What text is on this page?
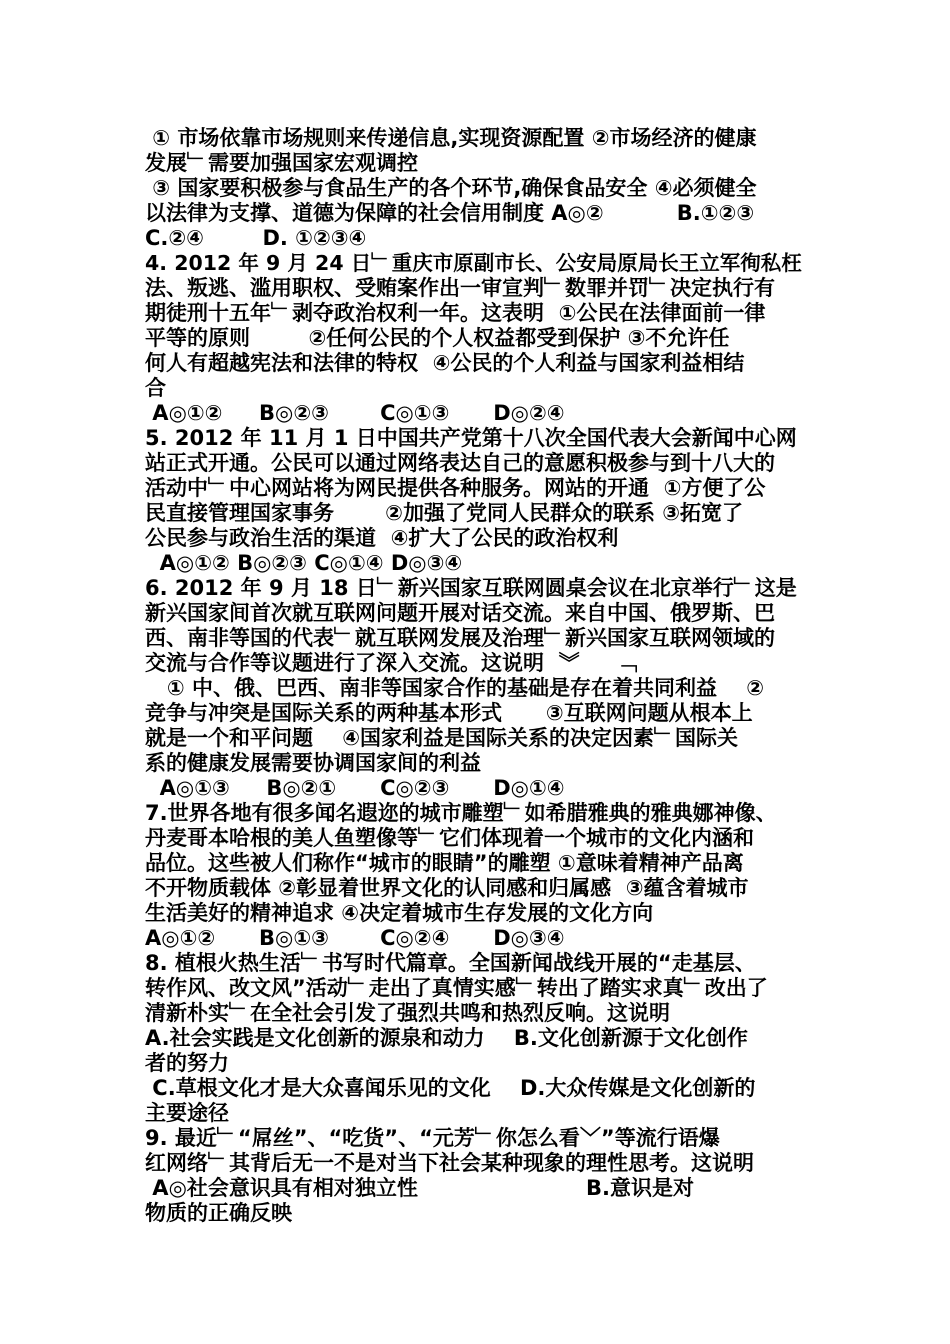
① 市场依靠市场规则来传递信息,实现资源配置 ②市场经济的健康
发展﹂需要加强国家宏观调控
③ 国家要积极参与食品生产的各个环节,确保食品安全 ④必须健全
以法律为支撑、道德为保障的社会信用制度 A◎②          B.①②③
C.②④        D. ①②③④
4. 2012 年 9 月 24 日﹂重庆市原副市长、公安局原局长王立军徇私枉
法、叛逃、滥用职权、受贿案作出一审宣判﹂数罪并罚﹂决定执行有
期徒刑十五年﹂剥夺政治权利一年。这表明  ①公民在法律面前一律
平等的原则        ②任何公民的个人权益都受到保护 ③不允许任
何人有超越宪法和法律的特权  ④公民的个人利益与国家利益相结
合
A◎①②     B◎②③       C◎①③      D◎②④
5. 2012 年 11 月 1 日中国共产党第十八次全国代表大会新闻中心网
站正式开通。公民可以通过网络表达自己的意愿积极参与到十八大的
活动中﹂中心网站将为网民提供各种服务。网站的开通  ①方便了公
民直接管理国家事务       ②加强了党同人民群众的联系 ③拓宽了
公民参与政治生活的渠道  ④扩大了公民的政治权利
A◎①② B◎②③ C◎①④ D◎③④
6. 2012 年 9 月 18 日﹂新兴国家互联网圆桌会议在北京举行﹂这是
新兴国家间首次就互联网问题开展对话交流。来自中国、俄罗斯、巴
西、南非等国的代表﹂就互联网发展及治理﹂新兴国家互联网领域的
交流与合作等议题进行了深入交流。这说明  ︾     ﹁
① 中、俄、巴西、南非等国家合作的基础是存在着共同利益    ②
竞争与冲突是国际关系的两种基本形式      ③互联网问题从根本上
就是一个和平问题    ④国家利益是国际关系的决定因素﹂国际关
系的健康发展需要协调国家间的利益
A◎①③     B◎②①      C◎②③      D◎①④
7.世界各地有很多闻名遐迩的城市雕塑﹂如希腊雅典的雅典娜神像、
丹麦哥本哈根的美人鱼塑像等﹂它们体现着一个城市的文化内涵和
品位。这些被人们称作“城市的眼睛”的雕塑 ①意味着精神产品离
不开物质载体 ②彰显着世界文化的认同感和归属感  ③蕴含着城市
生活美好的精神追求 ④决定着城市生存发展的文化方向
A◎①②      B◎①③       C◎②④      D◎③④
8. 植根火热生活﹂书写时代篇章。全国新闻战线开展的“走基层、
转作风、改文风”活动﹂走出了真情实感﹂转出了踏实求真﹂改出了
清新朴实﹂在全社会引发了强烈共鸣和热烈反响。这说明
A.社会实践是文化创新的源泉和动力    B.文化创新源于文化创作
者的努力
C.草根文化才是大众喜闻乐见的文化    D.大众传媒是文化创新的
主要途径
9. 最近﹂“屌丝”、“吃货”、“元芳﹂你怎么看﹀”等流行语爆
红网络﹂其背后无一不是对当下社会某种现象的理性思考。这说明
A◎社会意识具有相对独立性                       B.意识是对
物质的正确反映
